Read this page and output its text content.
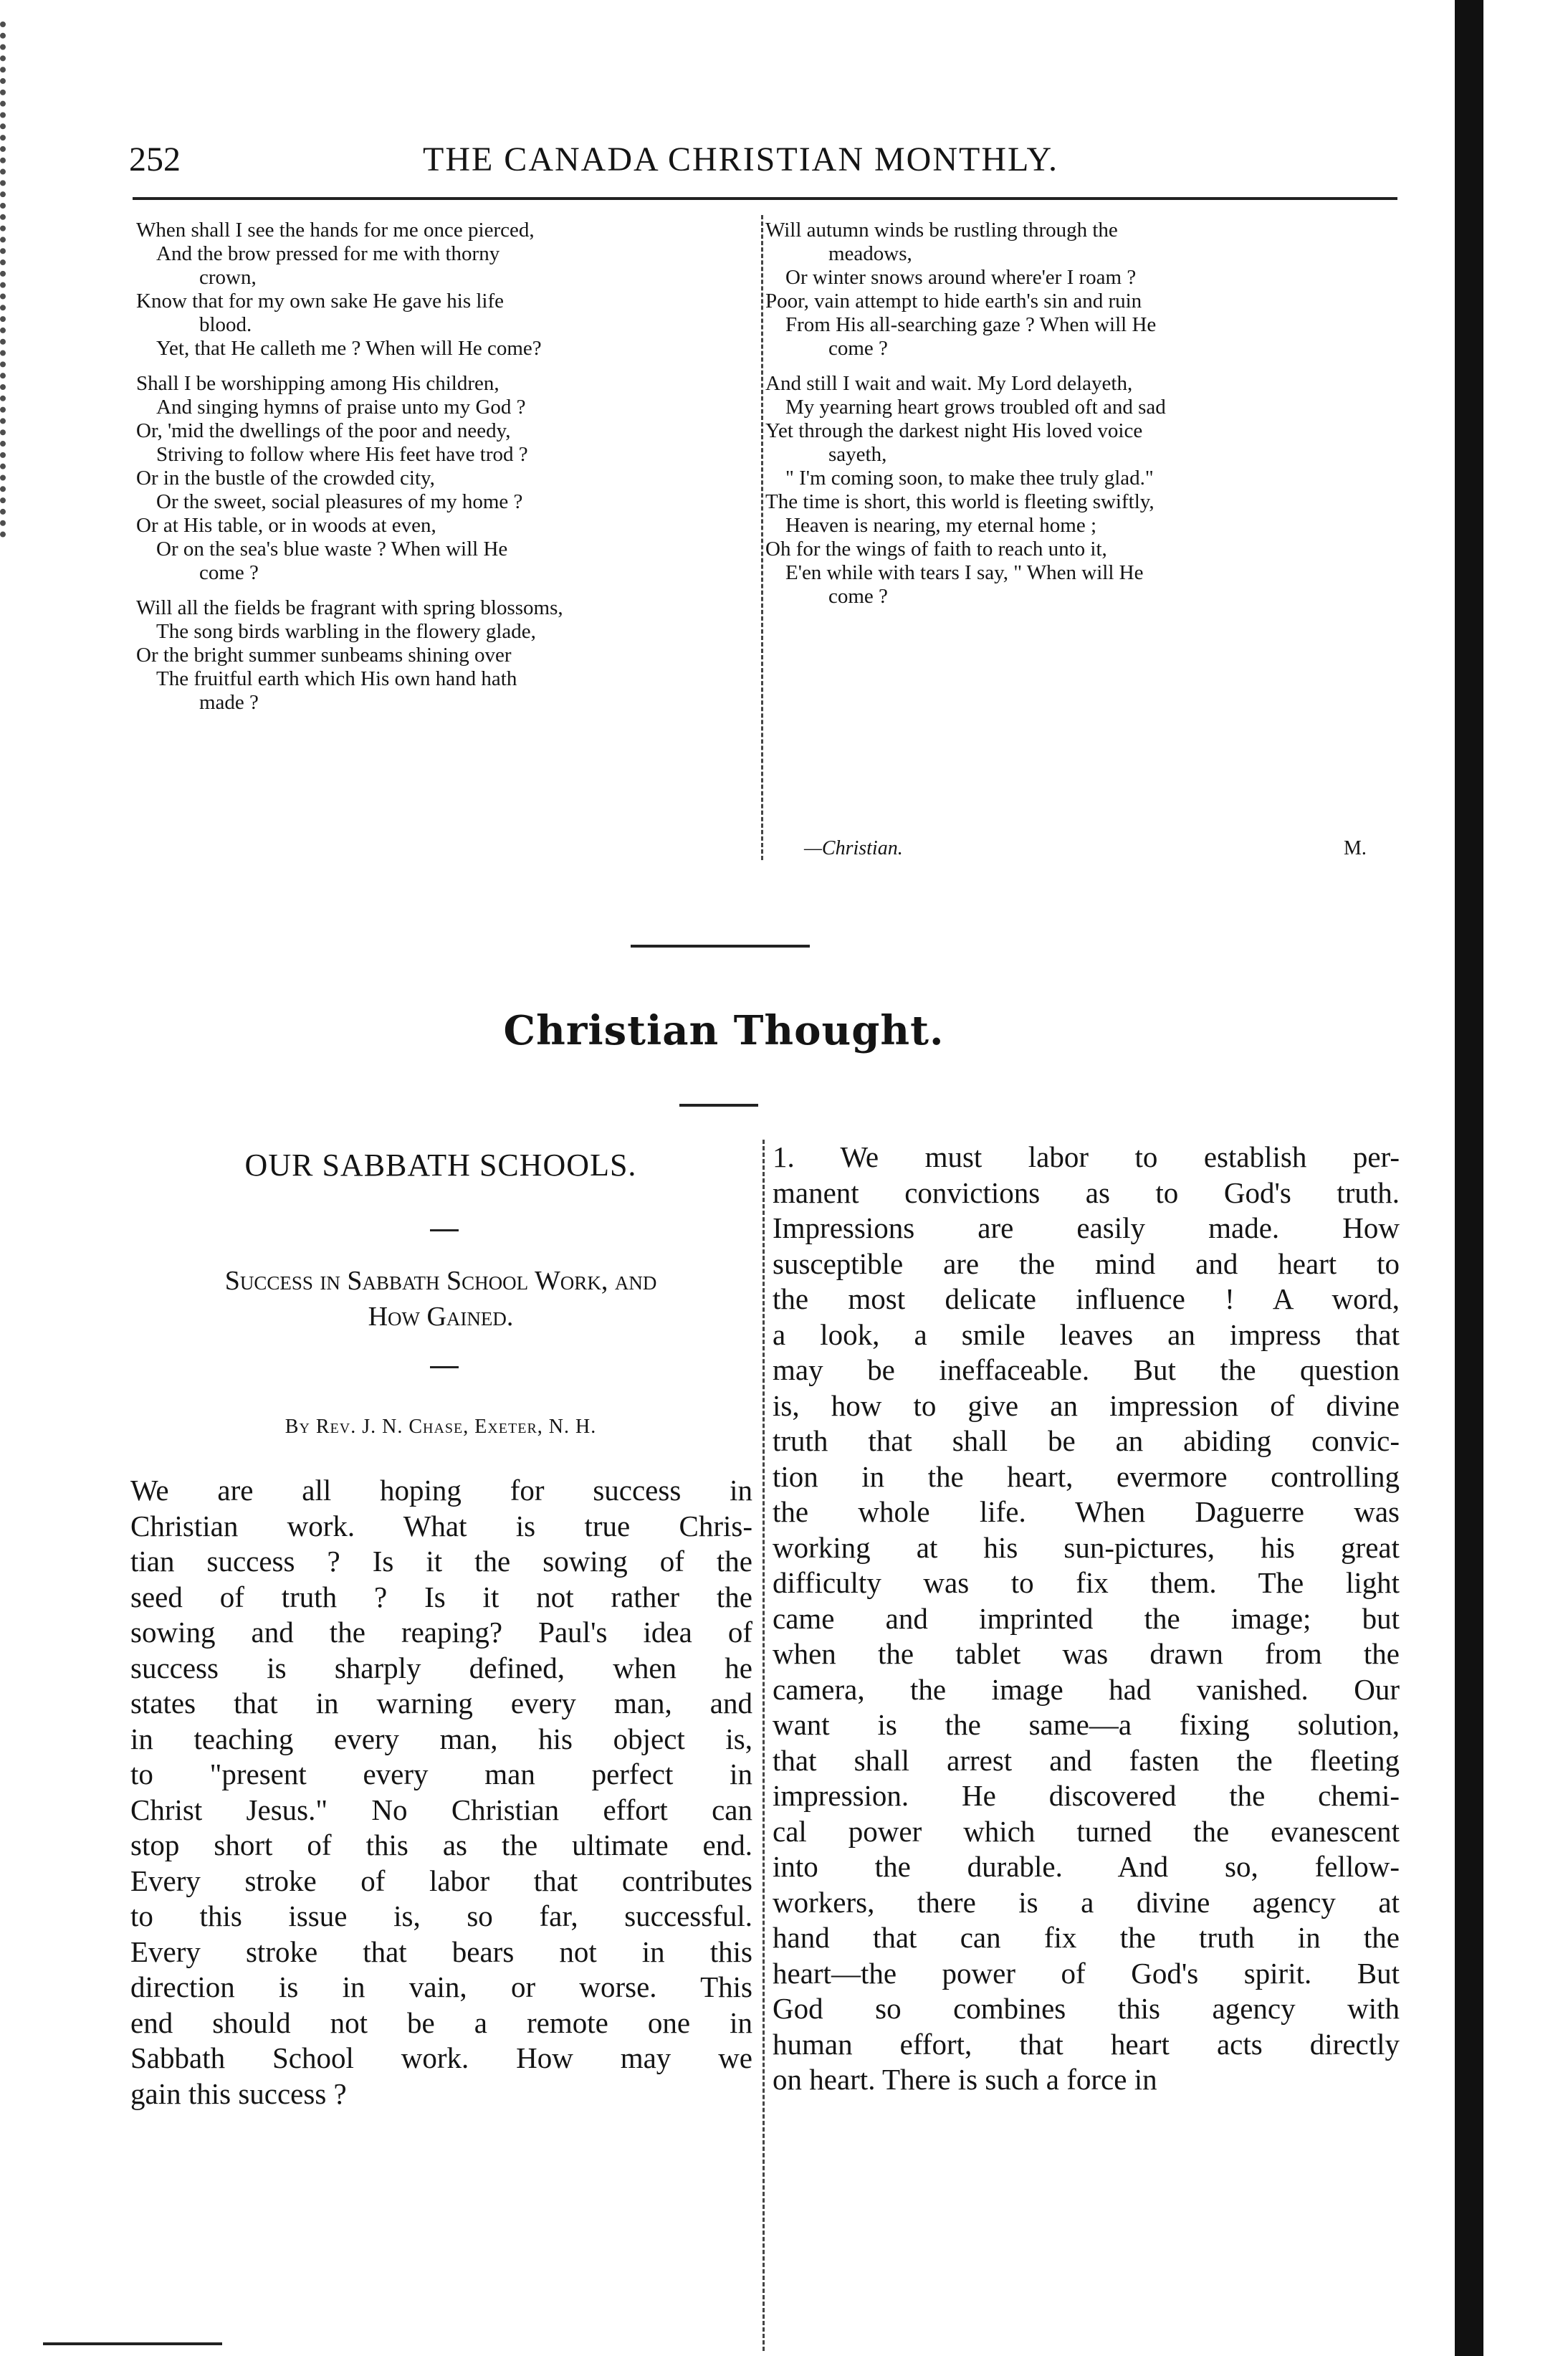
252	THE CANADA CHRISTIAN MONTHLY.
When shall I see the hands for me once pierced,
And the brow pressed for me with thorny
crown,
Know that for my own sake He gave his life
blood.
Yet, that He calleth me ? When will He come?
Shall I be worshipping among His children,
And singing hymns of praise unto my God ?
Or, 'mid the dwellings of the poor and needy,
Striving to follow where His feet have trod ?
Or in the bustle of the crowded city,
Or the sweet, social pleasures of my home ?
Or at His table, or in woods at even,
Or on the sea's blue waste ? When will He
come ?
Will all the fields be fragrant with spring blossoms,
The song birds warbling in the flowery glade,
Or the bright summer sunbeams shining over
The fruitful earth which His own hand hath
made ?
Will autumn winds be rustling through the
meadows,
Or winter snows around where'er I roam ?
Poor, vain attempt to hide earth's sin and ruin
From His all-searching gaze ? When will He
come ?
And still I wait and wait. My Lord delayeth,
My yearning heart grows troubled oft and sad
Yet through the darkest night His loved voice
sayeth,
" I'm coming soon, to make thee truly glad."
The time is short, this world is fleeting swiftly,
Heaven is nearing, my eternal home ;
Oh for the wings of faith to reach unto it,
E'en while with tears I say, " When will He
come ?
—Christian.	M.
Christian Thought.
OUR SABBATH SCHOOLS.
Success in Sabbath School Work, and
How Gained.
By Rev. J. N. Chase, Exeter, N. H.
We are all hoping for success in
Christian work. What is true Chris-
tian success ? Is it the sowing of the
seed of truth ? Is it not rather the
sowing and the reaping? Paul's idea of
success is sharply defined, when he
states that in warning every man, and
in teaching every man, his object is,
to "present every man perfect in
Christ Jesus." No Christian effort can
stop short of this as the ultimate end.
Every stroke of labor that contributes
to this issue is, so far, successful.
Every stroke that bears not in this
direction is in vain, or worse. This
end should not be a remote one in
Sabbath School work. How may we
gain this success ?
1. We must labor to establish per-
manent convictions as to God's truth.
Impressions are easily made. How
susceptible are the mind and heart to
the most delicate influence ! A word,
a look, a smile leaves an impress that
may be ineffaceable. But the question
is, how to give an impression of divine
truth that shall be an abiding convic-
tion in the heart, evermore controlling
the whole life. When Daguerre was
working at his sun-pictures, his great
difficulty was to fix them. The light
came and imprinted the image; but
when the tablet was drawn from the
camera, the image had vanished. Our
want is the same—a fixing solution,
that shall arrest and fasten the fleeting
impression. He discovered the chemi-
cal power which turned the evanescent
into the durable. And so, fellow-
workers, there is a divine agency at
hand that can fix the truth in the
heart—the power of God's spirit. But
God so combines this agency with
human effort, that heart acts directly
on heart. There is such a force in
